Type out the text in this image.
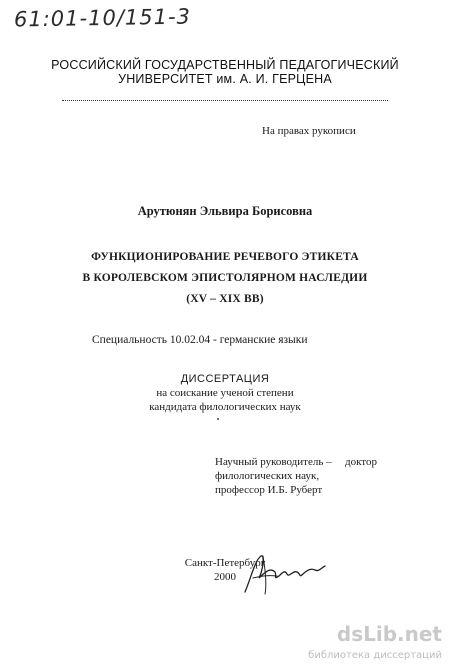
61:01-10/151-3
РОССИЙСКИЙ ГОСУДАРСТВЕННЫЙ ПЕДАГОГИЧЕСКИЙ
УНИВЕРСИТЕТ им. А. И. ГЕРЦЕНА
На правах рукописи
Арутюнян Эльвира Борисовна
ФУНКЦИОНИРОВАНИЕ РЕЧЕВОГО ЭТИКЕТА
В КОРОЛЕВСКОМ ЭПИСТОЛЯРНОМ НАСЛЕДИИ
(XV – XIX ВВ)
Специальность 10.02.04 - германские языки
ДИССЕРТАЦИЯ
на соискание ученой степени
кандидата филологических наук
Научный руководитель – доктор
филологических наук,
профессор И.Б. Руберт
Санкт-Петербург
2000
dsLib.net
библиотека диссертаций
